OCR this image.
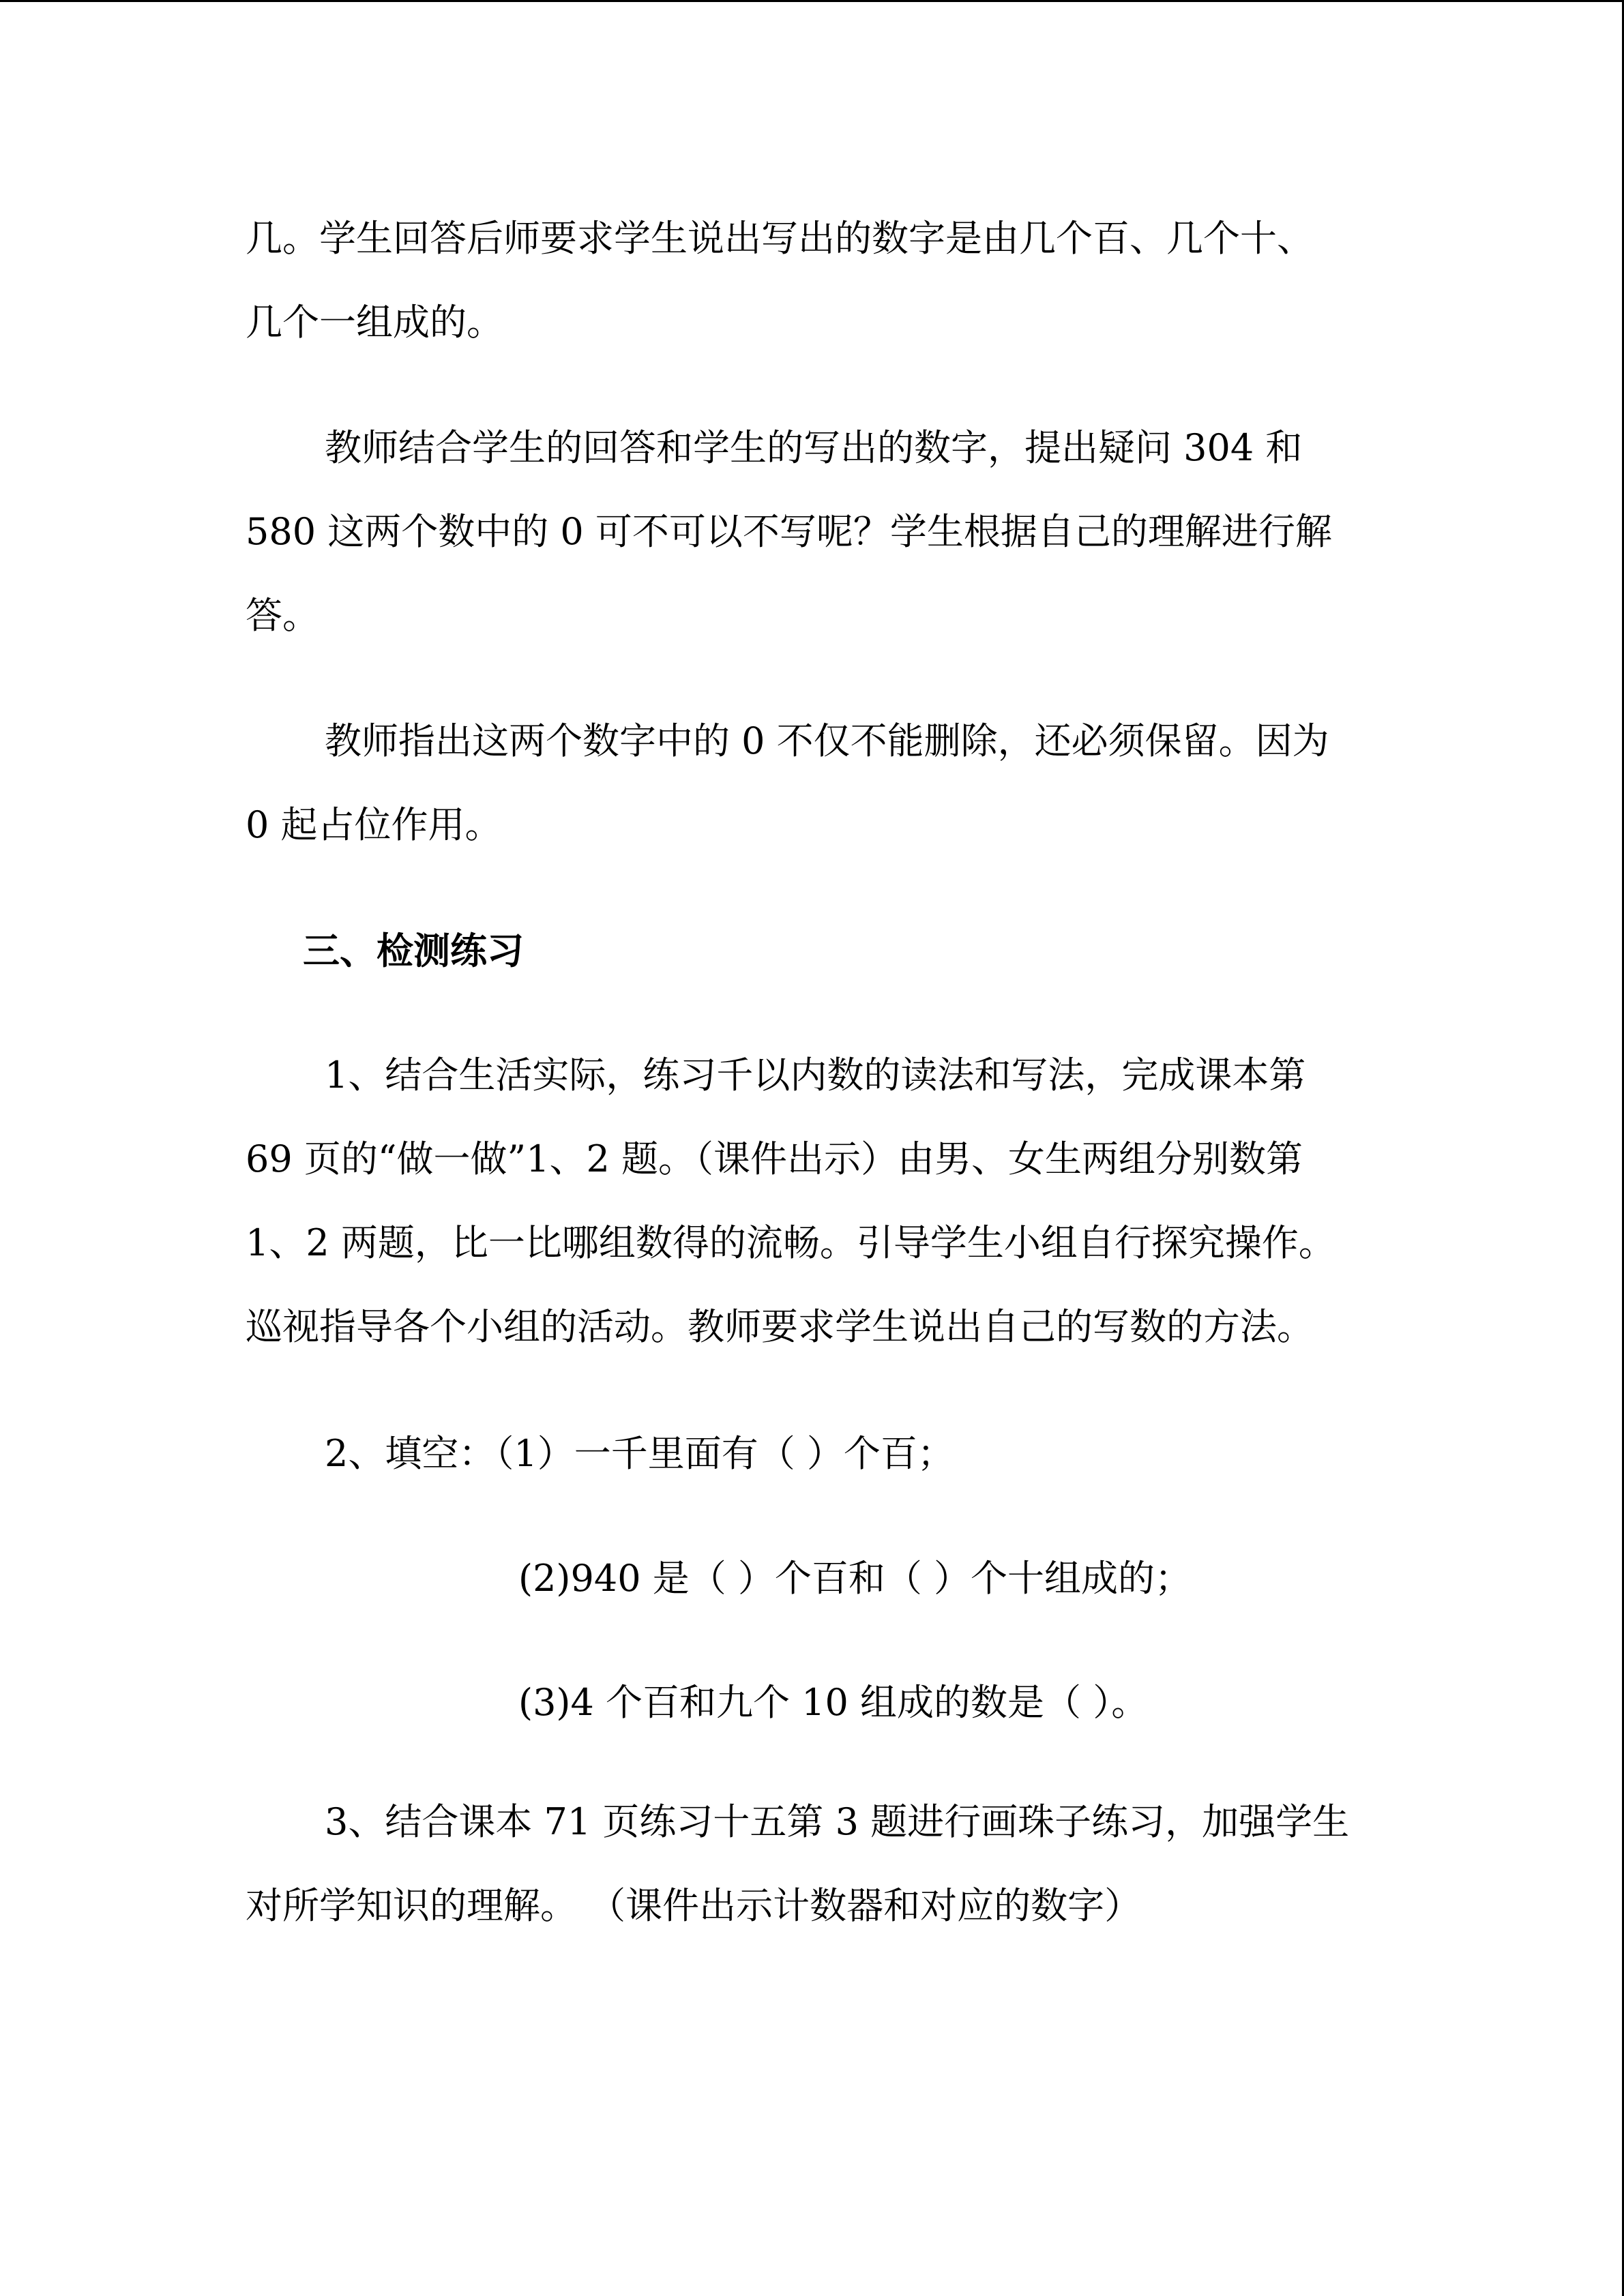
几。学生回答后师要求学生说出写出的数字是由几个百、几个十、
几个一组成的。
教师结合学生的回答和学生的写出的数字，提出疑问 304 和
580 这两个数中的 0 可不可以不写呢？学生根据自己的理解进行解
答。
教师指出这两个数字中的 0 不仅不能删除，还必须保留。因为
0 起占位作用。
三、检测练习
1、结合生活实际，练习千以内数的读法和写法，完成课本第
69 页的“做一做”1、2 题。（课件出示）由男、女生两组分别数第
1、2 两题，比一比哪组数得的流畅。引导学生小组自行探究操作。
巡视指导各个小组的活动。教师要求学生说出自己的写数的方法。
2、填空：（1）一千里面有（ ）个百；
(2)940 是（ ）个百和（ ）个十组成的；
(3)4 个百和九个 10 组成的数是（ ）。
3、结合课本 71 页练习十五第 3 题进行画珠子练习，加强学生
对所学知识的理解。 （课件出示计数器和对应的数字）
